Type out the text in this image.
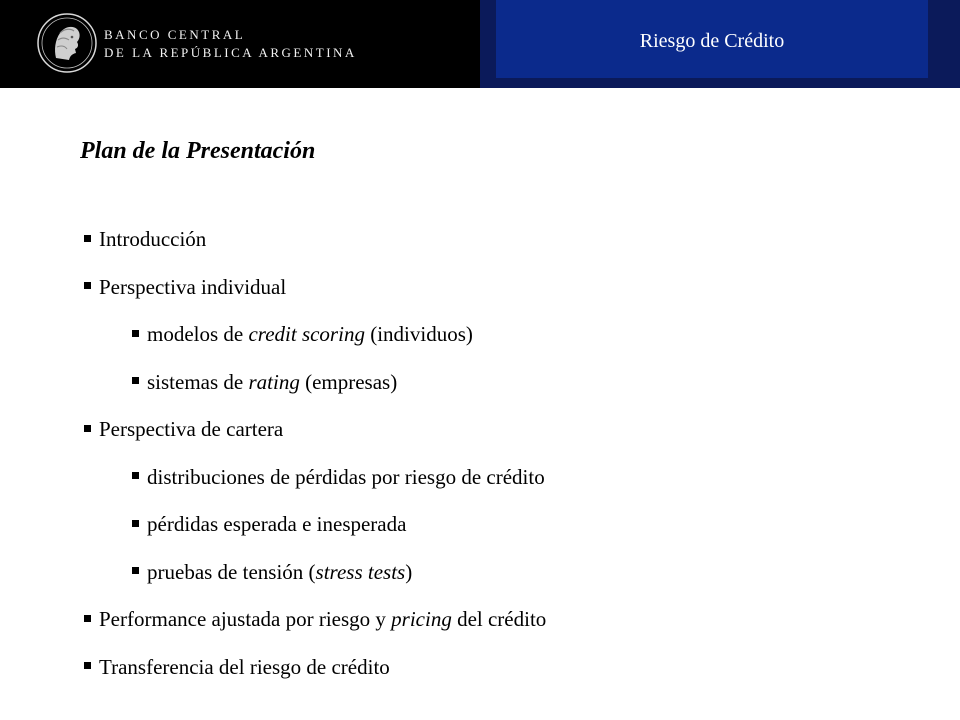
BANCO CENTRAL
DE LA REPÚBLICA ARGENTINA
Riesgo de Crédito
Plan de la Presentación
Introducción
Perspectiva individual
modelos de credit scoring (individuos)
sistemas de rating (empresas)
Perspectiva de cartera
distribuciones de pérdidas por riesgo de crédito
pérdidas esperada e inesperada
pruebas de tensión (stress tests)
Performance ajustada por riesgo y pricing del crédito
Transferencia del riesgo de crédito
